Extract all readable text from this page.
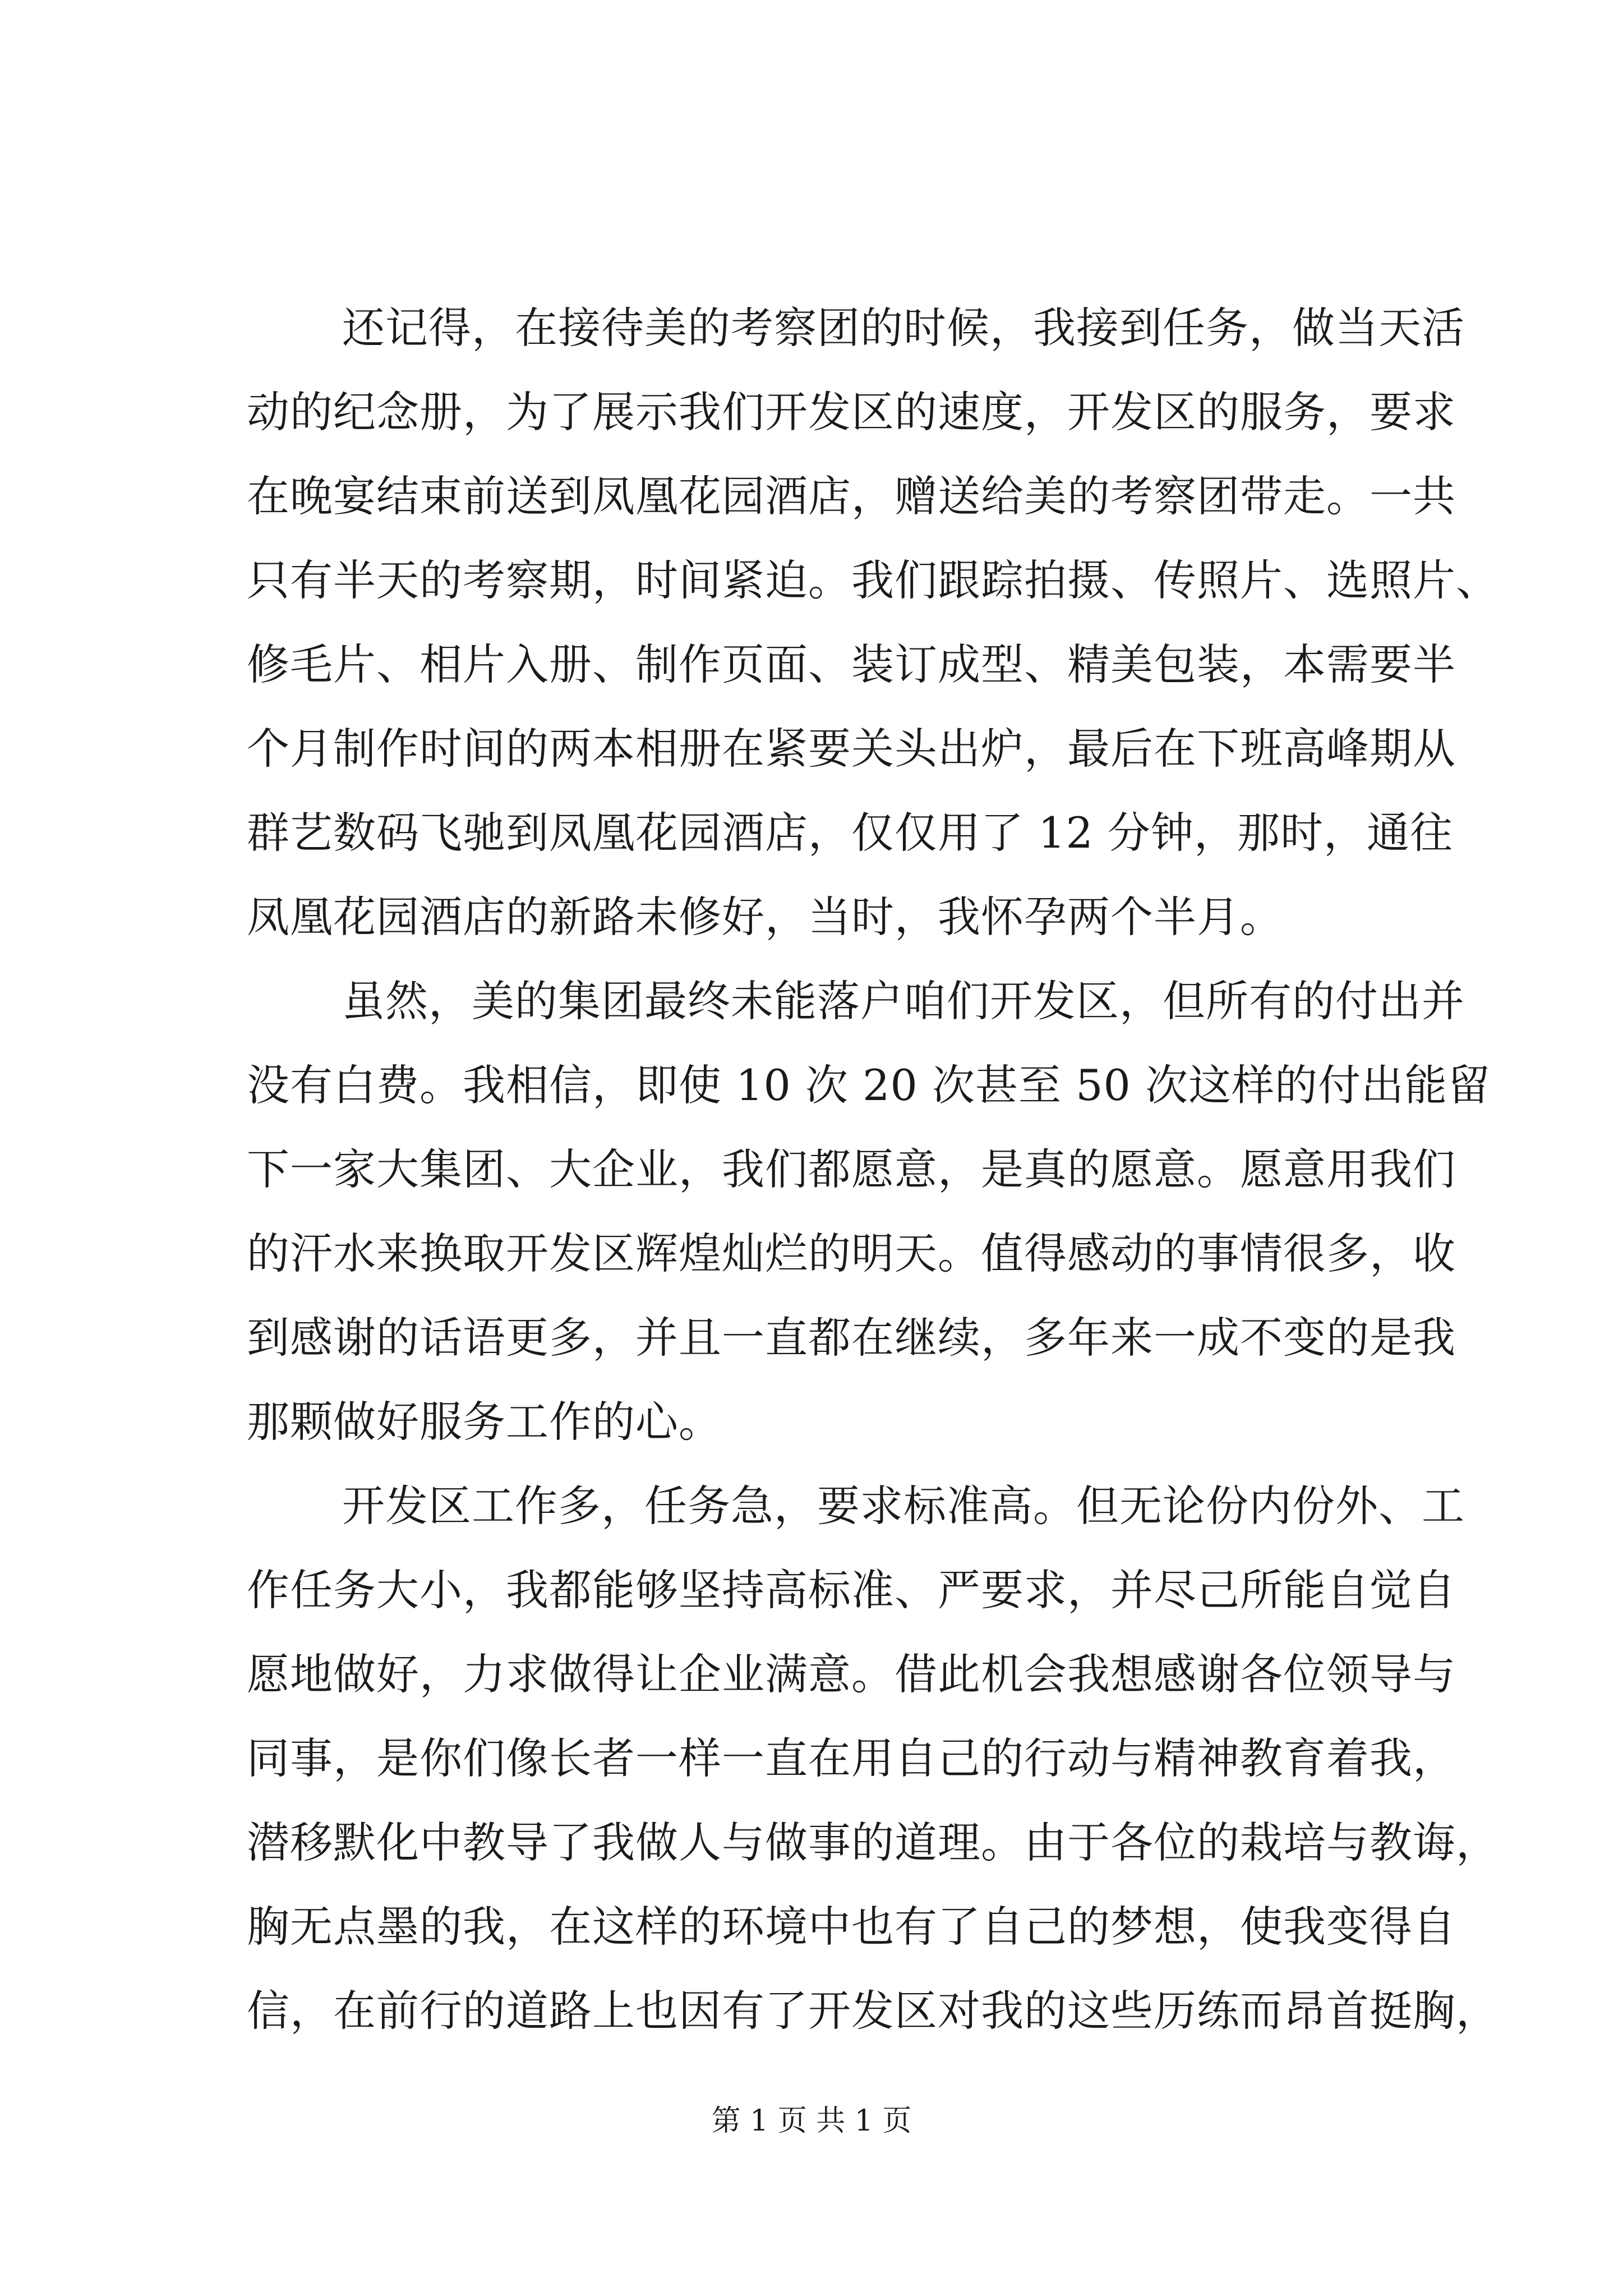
还记得，在接待美的考察团的时候，我接到任务，做当天活
动的纪念册，为了展示我们开发区的速度，开发区的服务，要求
在晚宴结束前送到凤凰花园酒店，赠送给美的考察团带走。一共
只有半天的考察期，时间紧迫。我们跟踪拍摄、传照片、选照片、
修毛片、相片入册、制作页面、装订成型、精美包装，本需要半
个月制作时间的两本相册在紧要关头出炉，最后在下班高峰期从
群艺数码飞驰到凤凰花园酒店，仅仅用了 12 分钟，那时，通往
凤凰花园酒店的新路未修好，当时，我怀孕两个半月。

虽然，美的集团最终未能落户咱们开发区，但所有的付出并
没有白费。我相信，即使 10 次 20 次甚至 50 次这样的付出能留
下一家大集团、大企业，我们都愿意，是真的愿意。愿意用我们
的汗水来换取开发区辉煌灿烂的明天。值得感动的事情很多，收
到感谢的话语更多，并且一直都在继续，多年来一成不变的是我
那颗做好服务工作的心。

开发区工作多，任务急，要求标准高。但无论份内份外、工
作任务大小，我都能够坚持高标准、严要求，并尽己所能自觉自
愿地做好，力求做得让企业满意。借此机会我想感谢各位领导与
同事，是你们像长者一样一直在用自己的行动与精神教育着我，
潜移默化中教导了我做人与做事的道理。由于各位的栽培与教诲，
胸无点墨的我，在这样的环境中也有了自己的梦想，使我变得自
信，在前行的道路上也因有了开发区对我的这些历练而昂首挺胸，

第 1 页 共 1 页
